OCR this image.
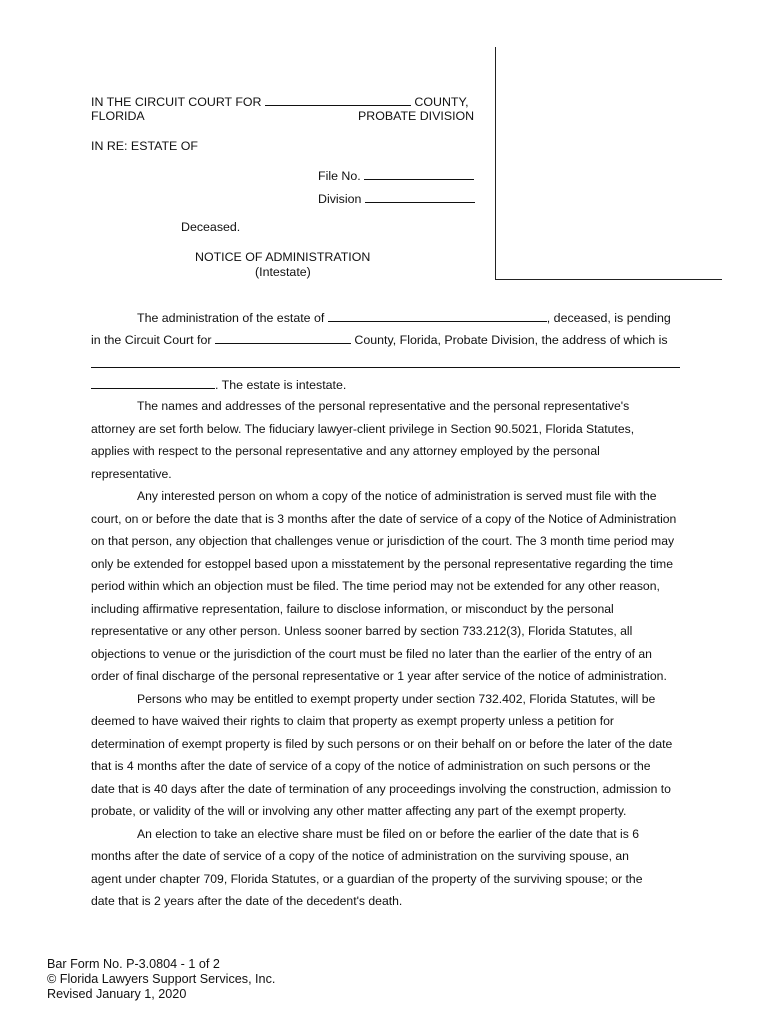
IN THE CIRCUIT COURT FOR	COUNTY,
FLORIDA	PROBATE DIVISION
IN RE: ESTATE OF
File No.
Division
Deceased.
NOTICE OF ADMINISTRATION
(Intestate)
The administration of the estate of	, deceased, is pending
in the Circuit Court for	County, Florida, Probate Division, the address of which is
. The estate is intestate.
The names and addresses of the personal representative and the personal representative's
attorney are set forth below. The fiduciary lawyer-client privilege in Section 90.5021, Florida Statutes,
applies with respect to the personal representative and any attorney employed by the personal
representative.
Any interested person on whom a copy of the notice of administration is served must file with the
court, on or before the date that is 3 months after the date of service of a copy of the Notice of Administration
on that person, any objection that challenges venue or jurisdiction of the court. The 3 month time period may
only be extended for estoppel based upon a misstatement by the personal representative regarding the time
period within which an objection must be filed. The time period may not be extended for any other reason,
including affirmative representation, failure to disclose information, or misconduct by the personal
representative or any other person. Unless sooner barred by section 733.212(3), Florida Statutes, all
objections to venue or the jurisdiction of the court must be filed no later than the earlier of the entry of an
order of final discharge of the personal representative or 1 year after service of the notice of administration.
Persons who may be entitled to exempt property under section 732.402, Florida Statutes, will be
deemed to have waived their rights to claim that property as exempt property unless a petition for
determination of exempt property is filed by such persons or on their behalf on or before the later of the date
that is 4 months after the date of service of a copy of the notice of administration on such persons or the
date that is 40 days after the date of termination of any proceedings involving the construction, admission to
probate, or validity of the will or involving any other matter affecting any part of the exempt property.
An election to take an elective share must be filed on or before the earlier of the date that is 6
months after the date of service of a copy of the notice of administration on the surviving spouse, an
agent under chapter 709, Florida Statutes, or a guardian of the property of the surviving spouse; or the
date that is 2 years after the date of the decedent's death.
Bar Form No. P-3.0804 - 1 of 2
© Florida Lawyers Support Services, Inc.
Revised January 1, 2020
